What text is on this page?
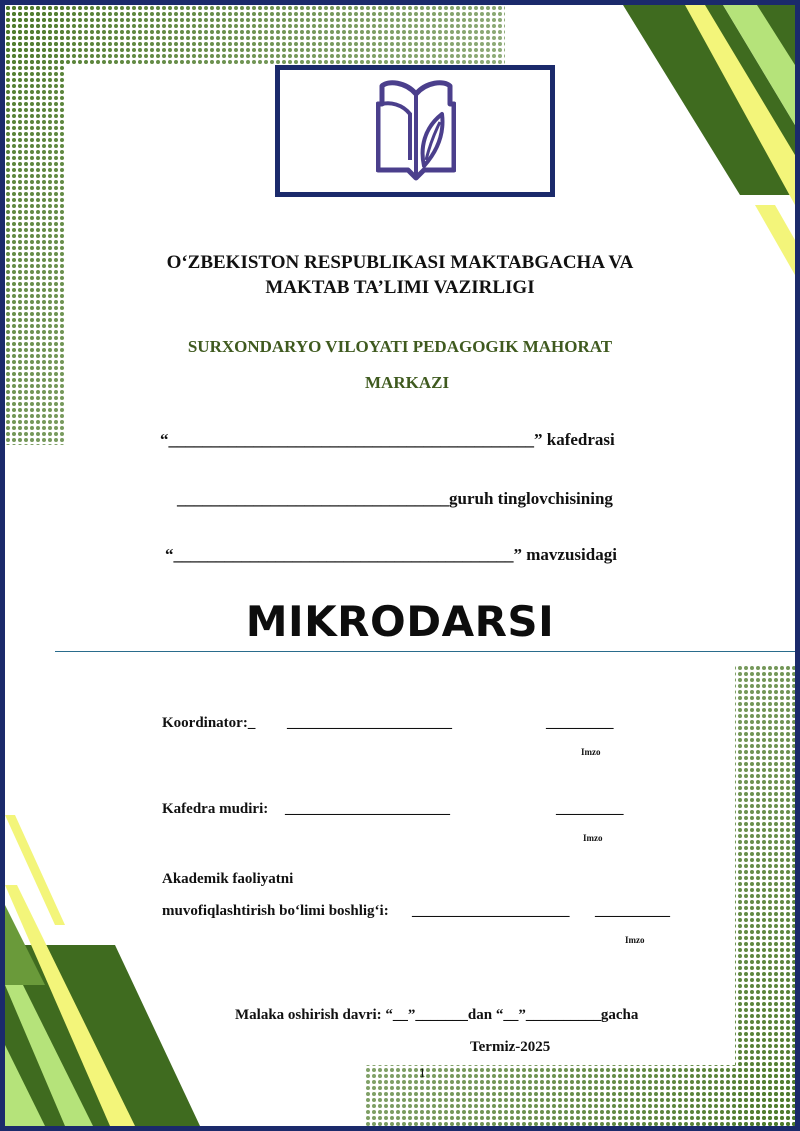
O‘ZBEKISTON RESPUBLIKASI MAKTABGACHA VA
MAKTAB TA’LIMI VAZIRLIGI
SURXONDARYO VILOYATI PEDAGOGIK MAHORAT
MARKAZI
“___________________________________________” kafedrasi
________________________________guruh tinglovchisining
“________________________________________” mavzusidagi
MIKRODARSI
Koordinator:_ ______________________	_________
Imzo
Kafedra mudiri: ______________________	_________
Imzo
Akademik faoliyatni
muvofiqlashtirish bo‘limi boshlig‘i: _____________________ __________
Imzo
Malaka oshirish davri: “__”_______dan “__”__________gacha
Termiz-2025
1
